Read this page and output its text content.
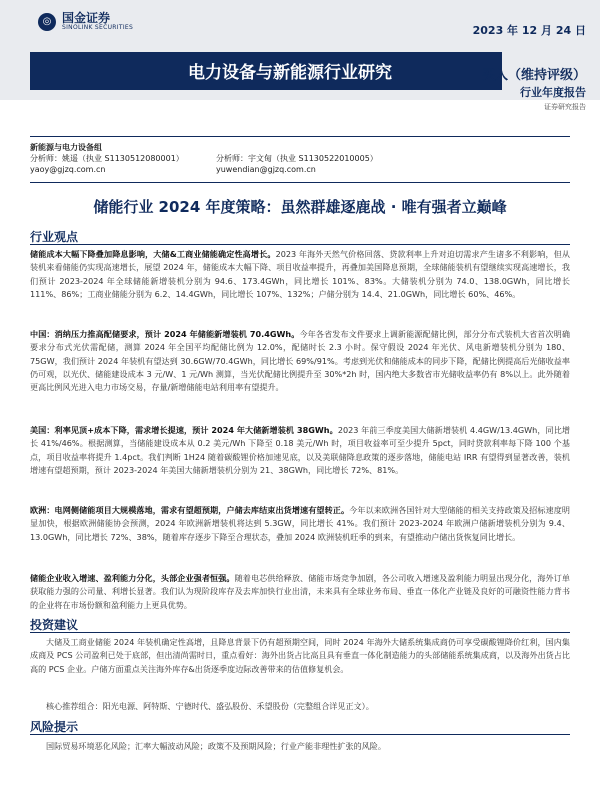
◎ 国金证券
SINOLINK SECURITIES	2023 年 12 月 24 日
电力设备与新能源行业研究	买入（维持评级）
行业年度报告
证券研究报告
新能源与电力设备组
分析师：姚遥（执业 S1130512080001）	分析师：宇文甸（执业 S1130522010005）
yaoy@gjzq.com.cn	yuwendian@gjzq.com.cn
储能行业 2024 年度策略：虽然群雄逐鹿战 · 唯有强者立巅峰
行业观点
储能成本大幅下降叠加降息影响，大储&工商业储能确定性高增长。2023 年海外天然气价格回落、贷款利率上升对迫切需求产生诸多不利影响，但从装机来看储能仍实现高速增长，展望 2024 年，储能成本大幅下降、项目收益率提升，再叠加美国降息预期，全球储能装机有望继续实现高速增长，我们预计 2023-2024 年全球储能新增装机分别为 94.6、173.4GWh，同比增长 101%、83%。大储装机分别为 74.0、138.0GWh，同比增长 111%、86%；工商业储能分别为 6.2、14.4GWh，同比增长 107%、132%；户储分别为 14.4、21.0GWh，同比增长 60%、46%。
中国：消纳压力推高配储要求，预计 2024 年储能新增装机 70.4GWh。今年各省发布文件要求上调新能源配储比例，部分分布式装机大省首次明确要求分布式光伏需配储，测算 2024 年全国平均配储比例为 12.0%，配储时长 2.3 小时。保守假设 2024 年光伏、风电新增装机分别为 180、75GW，我们预计 2024 年装机有望达到 30.6GW/70.4GWh，同比增长 69%/91%。考虑到光伏和储能成本的同步下降，配储比例提高后光储收益率仍可观，以光伏、储能建设成本 3 元/W、1 元/Wh 测算，当光伏配储比例提升至 30%*2h 时，国内绝大多数省市光储收益率仍有 8%以上。此外随着更高比例风光进入电力市场交易，存量/新增储能电站利用率有望提升。
美国：利率见顶+成本下降，需求增长提速，预计 2024 年大储新增装机 38GWh。2023 年前三季度美国大储新增装机 4.4GW/13.4GWh，同比增长 41%/46%。根据测算，当储能建设成本从 0.2 美元/Wh 下降至 0.18 美元/Wh 时，项目收益率可至少提升 5pct，同时贷款利率每下降 100 个基点，项目收益率将提升 1.4pct。我们判断 1H24 随着碳酸锂价格加速见底，以及美联储降息政策的逐步落地，储能电站 IRR 有望得到显著改善，装机增速有望超预期，预计 2023-2024 年美国大储新增装机分别为 21、38GWh，同比增长 72%、81%。
欧洲：电网侧储能项目大规模落地，需求有望超预期，户储去库结束出货增速有望转正。今年以来欧洲各国针对大型储能的相关支持政策及招标速度明显加快，根据欧洲储能协会预测，2024 年欧洲新增装机将达到 5.3GW，同比增长 41%。我们预计 2023-2024 年欧洲户储新增装机分别为 9.4、13.0GWh，同比增长 72%、38%，随着库存逐步下降至合理状态，叠加 2024 欧洲装机旺季的到来，有望推动户储出货恢复同比增长。
储能企业收入增速、盈利能力分化，头部企业强者恒强。随着电芯供给释放、储能市场竞争加剧，各公司收入增速及盈利能力明显出现分化，海外订单获取能力强的公司量、利增长显著。我们认为现阶段库存及去库加快行业出清，未来具有全球业务布局、垂直一体化产业链及良好的可融资性能力背书的企业将在市场份额和盈利能力上更具优势。
投资建议
大储及工商业储能 2024 年装机确定性高增，且降息背景下仍有超预期空间，同时 2024 年海外大储系统集成商仍可享受碳酸锂降价红利，国内集成商及 PCS 公司盈利已处于底部，但出清尚需时日，重点看好：海外出货占比高且具有垂直一体化制造能力的头部储能系统集成商，以及海外出货占比高的 PCS 企业。户储方面重点关注海外库存&出货逐季度边际改善带来的估值修复机会。
核心推荐组合：阳光电源、阿特斯、宁德时代、盛弘股份、禾望股份（完整组合详见正文）。
风险提示
国际贸易环境恶化风险；汇率大幅波动风险；政策不及预期风险；行业产能非理性扩张的风险。
